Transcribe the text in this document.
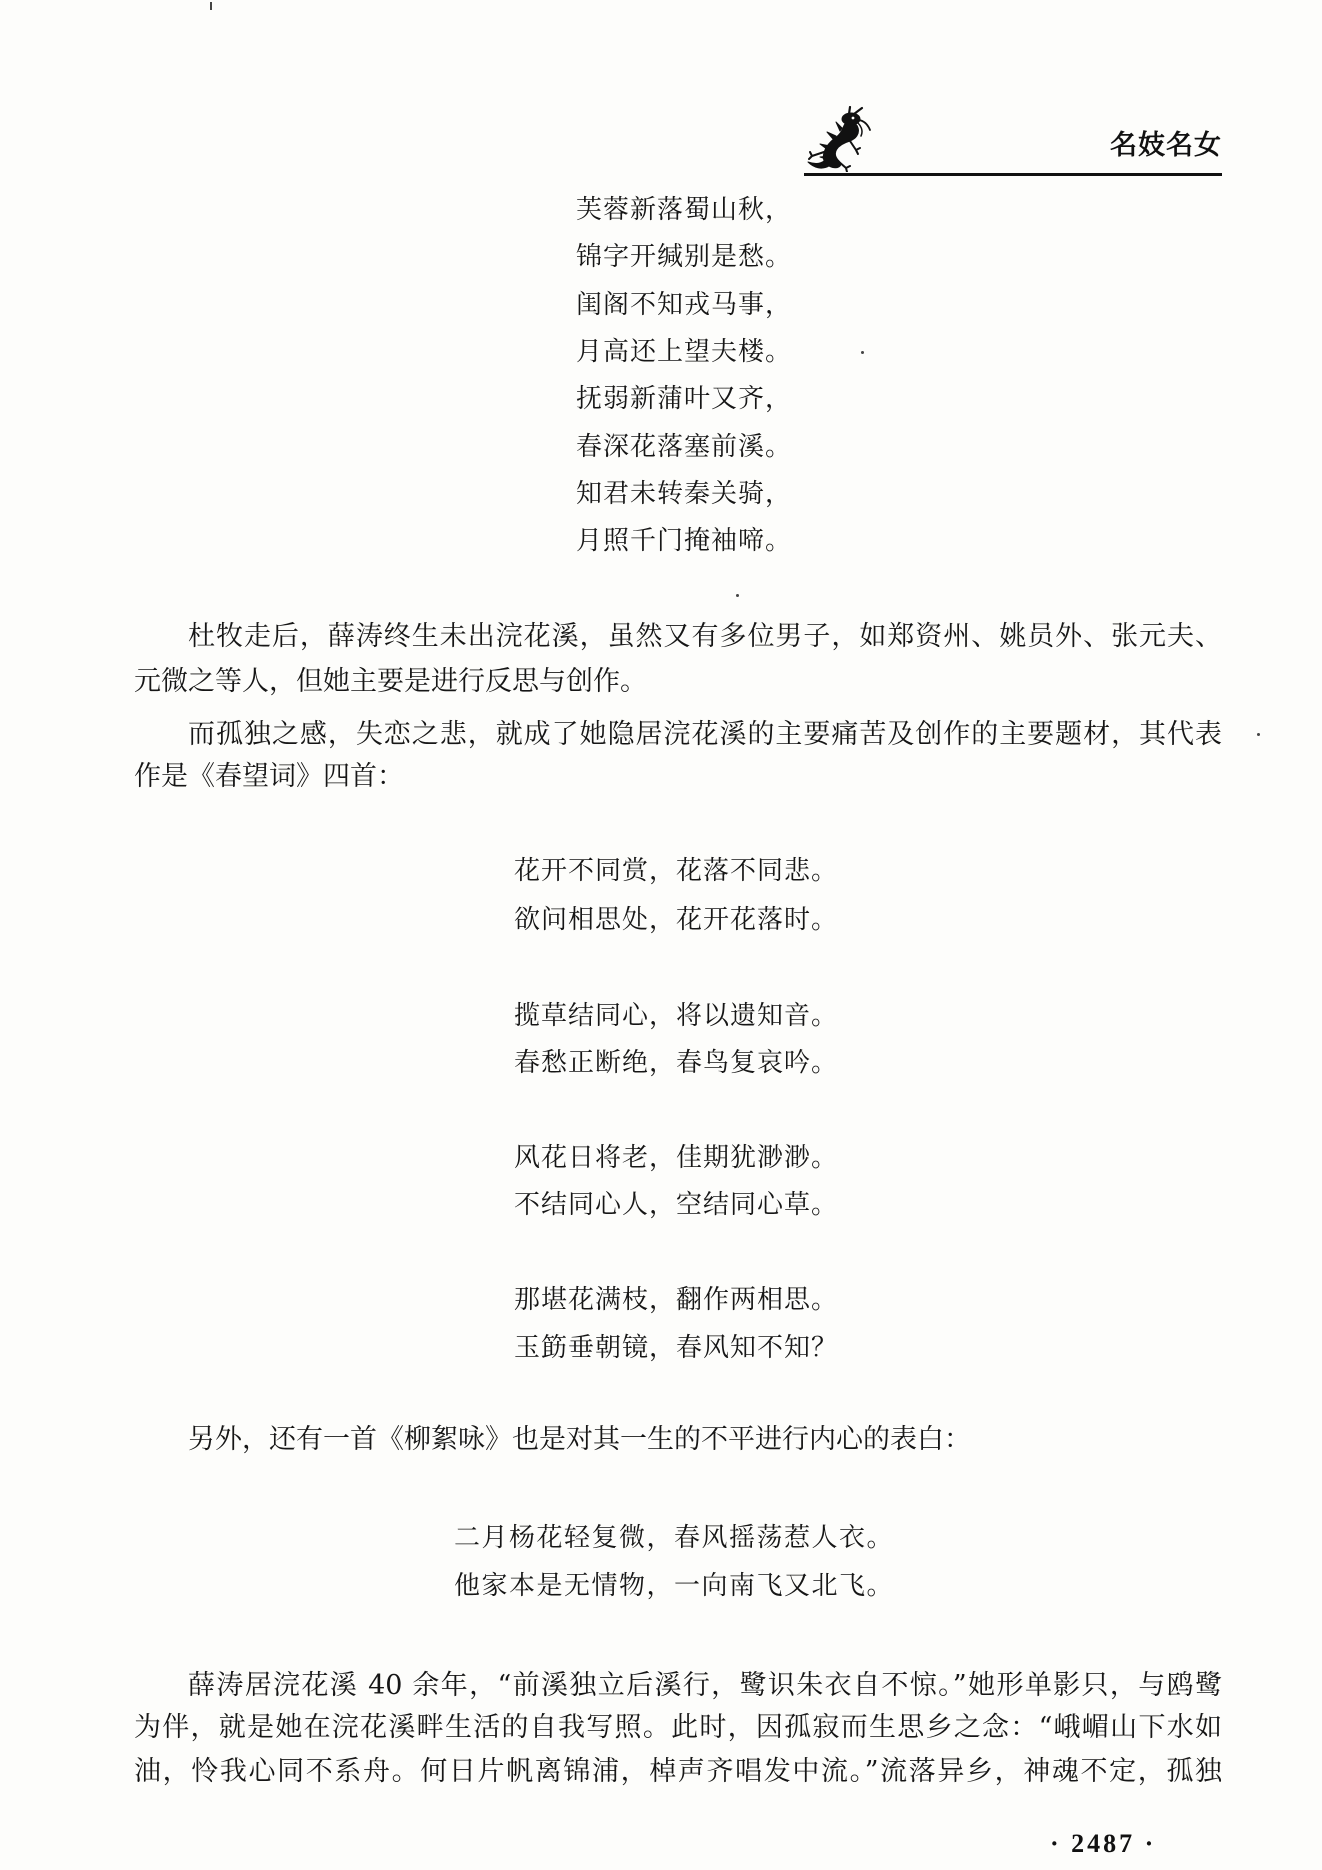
名妓名女
芙蓉新落蜀山秋，
锦字开缄别是愁。
闺阁不知戎马事，
月高还上望夫楼。
抚弱新蒲叶又齐，
春深花落塞前溪。
知君未转秦关骑，
月照千门掩袖啼。
杜牧走后，薛涛终生未出浣花溪，虽然又有多位男子，如郑资州、姚员外、张元夫、
元微之等人，但她主要是进行反思与创作。
而孤独之感，失恋之悲，就成了她隐居浣花溪的主要痛苦及创作的主要题材，其代表
作是《春望词》四首：
花开不同赏，花落不同悲。
欲问相思处，花开花落时。
揽草结同心，将以遗知音。
春愁正断绝，春鸟复哀吟。
风花日将老，佳期犹渺渺。
不结同心人，空结同心草。
那堪花满枝，翻作两相思。
玉筯垂朝镜，春风知不知？
另外，还有一首《柳絮咏》也是对其一生的不平进行内心的表白：
二月杨花轻复微，春风摇荡惹人衣。
他家本是无情物，一向南飞又北飞。
薛涛居浣花溪 40 余年，“前溪独立后溪行，鹭识朱衣自不惊。”她形单影只，与鸥鹭
为伴，就是她在浣花溪畔生活的自我写照。此时，因孤寂而生思乡之念：“峨嵋山下水如
油，怜我心同不系舟。何日片帆离锦浦，棹声齐唱发中流。”流落异乡，神魂不定，孤独
· 2487 ·
